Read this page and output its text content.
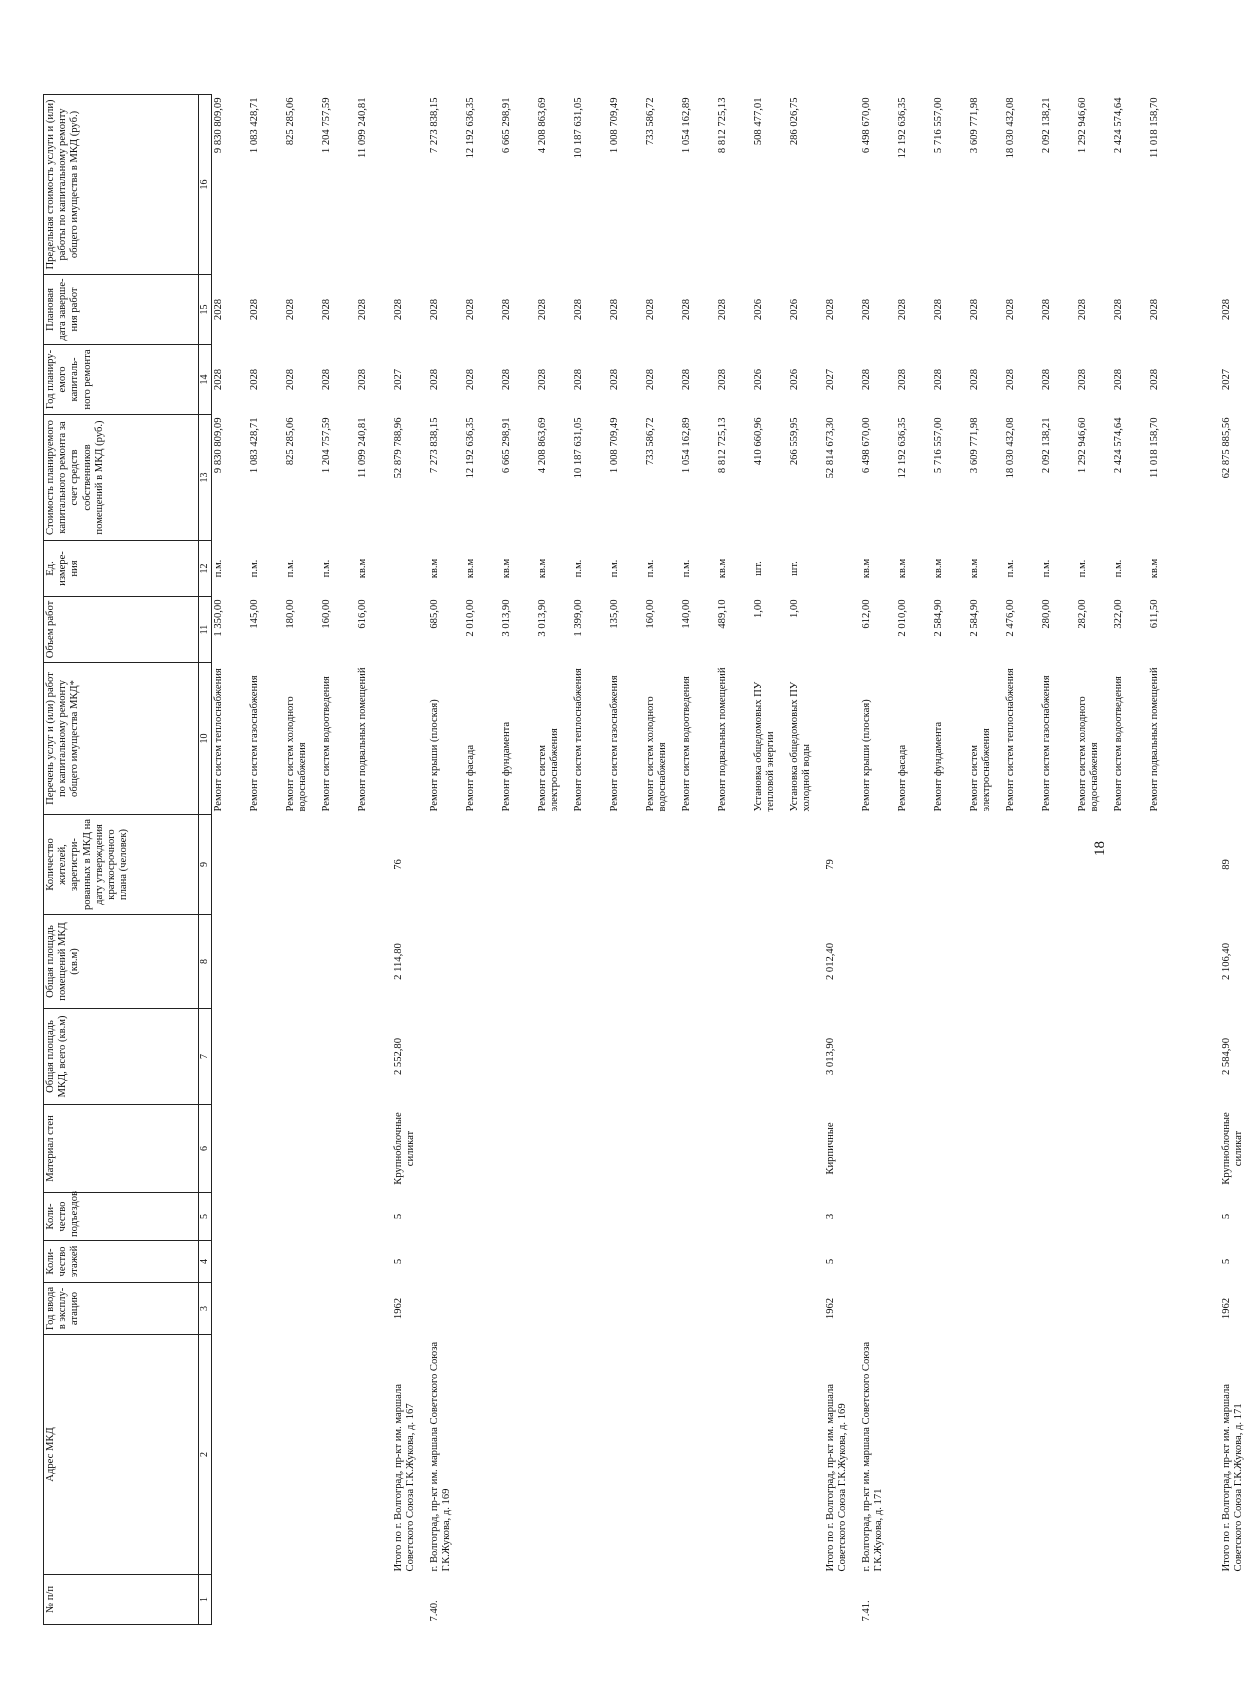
№ п/п	Адрес МКД	Год ввода в эксплу-атацию	Коли-чество этажей	Коли-чество подъездов	Материал стен	Общая площадь МКД, всего (кв.м)	Общая площадь помещений МКД (кв.м)	Количество жителей, зарегистри-рованных в МКД на дату утверждения краткосрочного плана (человек)	Перечень услуг и (или) работ по капитальному ремонту общего имущества МКД*	Объем работ	Ед. измере-ния	Стоимость планируемого капитального ремонта за счет средств собственников помещений в МКД (руб.)	Год планиру-емого капиталь-ного ремонта	Плановая дата заверше-ния работ	Предельная стоимость услуги и (или) работы по капитальному ремонту общего имущества в МКД (руб.)
1	2	3	4	5	6	7	8	9	10	11	12	13	14	15	16
									Ремонт систем теплоснабжения	1 350,00	п.м.	9 830 809,09	2028	2028	9 830 809,09
									Ремонт систем газоснабжения	145,00	п.м.	1 083 428,71	2028	2028	1 083 428,71
									Ремонт систем холодного водоснабжения	180,00	п.м.	825 285,06	2028	2028	825 285,06
									Ремонт систем водоотведения	160,00	п.м.	1 204 757,59	2028	2028	1 204 757,59
									Ремонт подвальных помещений	616,00	кв.м	11 099 240,81	2028	2028	11 099 240,81
	Итого по г. Волгоград, пр-кт им. маршала Советского Союза Г.К.Жукова, д. 167	1962	5	5	Крупноблочные силикат	2 552,80	2 114,80	76				52 879 788,96	2027	2028	
7.40.	г. Волгоград, пр-кт им. маршала Советского Союза Г.К.Жукова, д. 169								Ремонт крыши (плоская)	685,00	кв.м	7 273 838,15	2028	2028	7 273 838,15
									Ремонт фасада	2 010,00	кв.м	12 192 636,35	2028	2028	12 192 636,35
									Ремонт фундамента	3 013,90	кв.м	6 665 298,91	2028	2028	6 665 298,91
									Ремонт систем электроснабжения	3 013,90	кв.м	4 208 863,69	2028	2028	4 208 863,69
									Ремонт систем теплоснабжения	1 399,00	п.м.	10 187 631,05	2028	2028	10 187 631,05
									Ремонт систем газоснабжения	135,00	п.м.	1 008 709,49	2028	2028	1 008 709,49
									Ремонт систем холодного водоснабжения	160,00	п.м.	733 586,72	2028	2028	733 586,72
									Ремонт систем водоотведения	140,00	п.м.	1 054 162,89	2028	2028	1 054 162,89
									Ремонт подвальных помещений	489,10	кв.м	8 812 725,13	2028	2028	8 812 725,13
									Установка общедомовых ПУ тепловой энергии	1,00	шт.	410 660,96	2026	2026	508 477,01
									Установка общедомовых ПУ холодной воды	1,00	шт.	266 559,95	2026	2026	286 026,75
	Итого по г. Волгоград, пр-кт им. маршала Советского Союза Г.К.Жукова, д. 169	1962	5	3	Кирпичные	3 013,90	2 012,40	79				52 814 673,30	2027	2028	
7.41.	г. Волгоград, пр-кт им. маршала Советского Союза Г.К.Жукова, д. 171								Ремонт крыши (плоская)	612,00	кв.м	6 498 670,00	2028	2028	6 498 670,00
									Ремонт фасада	2 010,00	кв.м	12 192 636,35	2028	2028	12 192 636,35
									Ремонт фундамента	2 584,90	кв.м	5 716 557,00	2028	2028	5 716 557,00
									Ремонт систем электроснабжения	2 584,90	кв.м	3 609 771,98	2028	2028	3 609 771,98
									Ремонт систем теплоснабжения	2 476,00	п.м.	18 030 432,08	2028	2028	18 030 432,08
									Ремонт систем газоснабжения	280,00	п.м.	2 092 138,21	2028	2028	2 092 138,21
									Ремонт систем холодного водоснабжения	282,00	п.м.	1 292 946,60	2028	2028	1 292 946,60
									Ремонт систем водоотведения	322,00	п.м.	2 424 574,64	2028	2028	2 424 574,64
									Ремонт подвальных помещений	611,50	кв.м	11 018 158,70	2028	2028	11 018 158,70

	Итого по г. Волгоград, пр-кт им. маршала Советского Союза Г.К.Жукова, д. 171	1962	5	5	Крупноблочные силикат	2 584,90	2 106,40	89				62 875 885,56	2027	2028	
18
